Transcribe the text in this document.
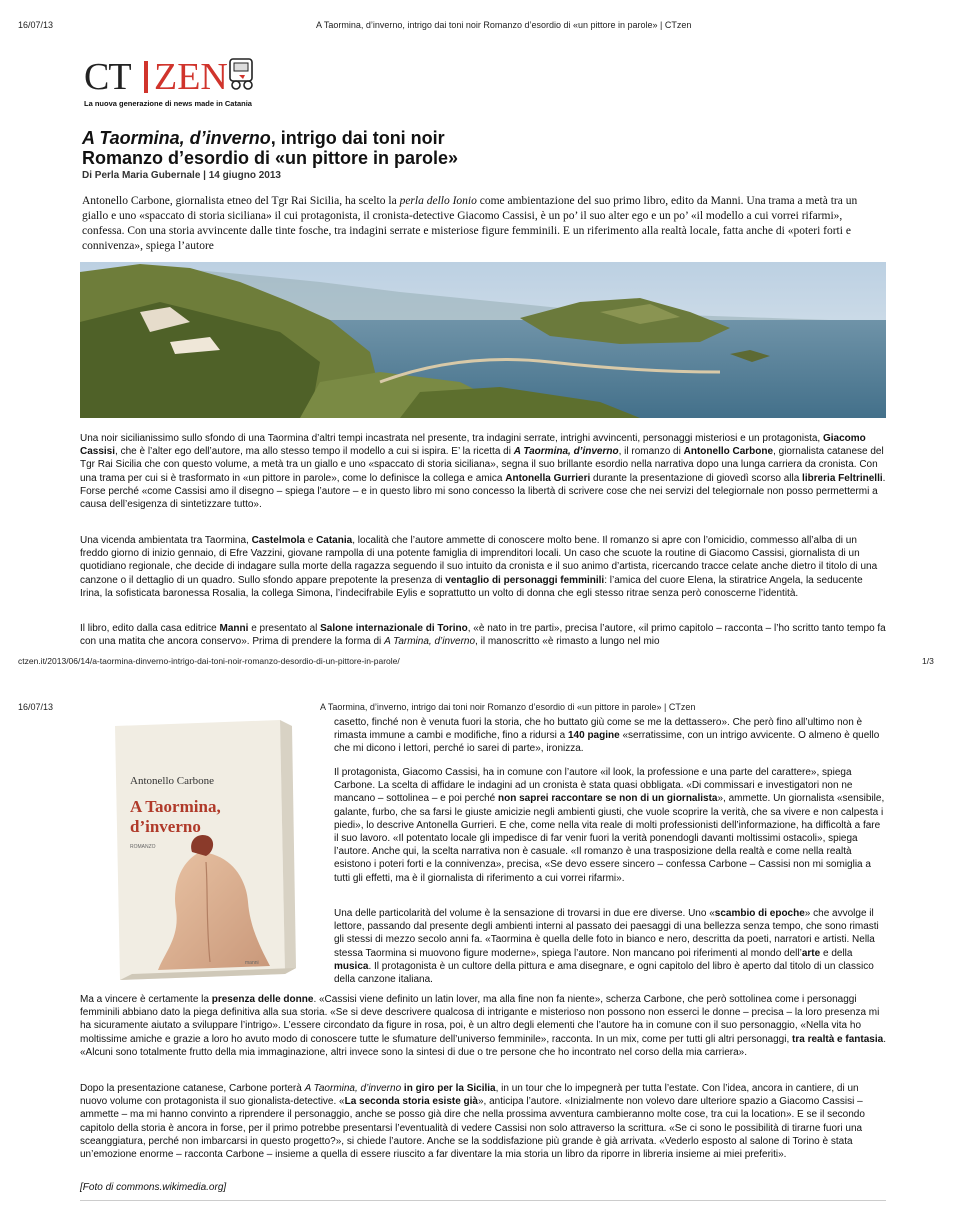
16/07/13	A Taormina, d’inverno, intrigo dai toni noir Romanzo d’esordio di «un pittore in parole» | CTzen
CT ZEN
La nuova generazione di news made in Catania
A Taormina, d’inverno, intrigo dai toni noir
Romanzo d’esordio di «un pittore in parole»
Di Perla Maria Gubernale | 14 giugno 2013

Antonello Carbone, giornalista etneo del Tgr Rai Sicilia, ha scelto la perla dello Ionio come ambientazione del suo primo libro, edito da Manni. Una trama a metà tra un giallo e uno «spaccato di storia siciliana» il cui protagonista, il cronista-detective Giacomo Cassisi, è un po’ il suo alter ego e un po’ «il modello a cui vorrei rifarmi», confessa. Con una storia avvincente dalle tinte fosche, tra indagini serrate e misteriose figure femminili. E un riferimento alla realtà locale, fatta anche di «poteri forti e connivenza», spiega l’autore

Una noir sicilianissimo sullo sfondo di una Taormina d’altri tempi incastrata nel presente, tra indagini serrate, intrighi avvincenti, personaggi misteriosi e un protagonista, Giacomo Cassisi, che è l’alter ego dell’autore, ma allo stesso tempo il modello a cui si ispira. E’ la ricetta di A Taormina, d’inverno, il romanzo di Antonello Carbone, giornalista catanese del Tgr Rai Sicilia che con questo volume, a metà tra un giallo e uno «spaccato di storia siciliana», segna il suo brillante esordio nella narrativa dopo una lunga carriera da cronista. Con una trama per cui si è trasformato in «un pittore in parole», come lo definisce la collega e amica Antonella Gurrieri durante la presentazione di giovedì scorso alla libreria Feltrinelli. Forse perché «come Cassisi amo il disegno – spiega l’autore – e in questo libro mi sono concesso la libertà di scrivere cose che nei servizi del telegiornale non posso permettermi a causa dell’esigenza di sintetizzare tutto».

Una vicenda ambientata tra Taormina, Castelmola e Catania, località che l’autore ammette di conoscere molto bene. Il romanzo si apre con l’omicidio, commesso all’alba di un freddo giorno di inizio gennaio, di Efre Vazzini, giovane rampolla di una potente famiglia di imprenditori locali. Un caso che scuote la routine di Giacomo Cassisi, giornalista di un quotidiano regionale, che decide di indagare sulla morte della ragazza seguendo il suo intuito da cronista e il suo animo d’artista, ricercando tracce celate anche dietro il titolo di una canzone o il dettaglio di un quadro. Sullo sfondo appare prepotente la presenza di ventaglio di personaggi femminili: l’amica del cuore Elena, la stiratrice Angela, la seducente Irina, la sofisticata baronessa Rosalia, la collega Simona, l’indecifrabile Eylis e soprattutto un volto di donna che egli stesso ritrae senza però conoscerne l’identità.

Il libro, edito dalla casa editrice Manni e presentato al Salone internazionale di Torino, «è nato in tre parti», precisa l’autore, «il primo capitolo – racconta – l’ho scritto tanto tempo fa con una matita che ancora conservo». Prima di prendere la forma di A Tarmina, d’inverno, il manoscritto «è rimasto a lungo nel mio

ctzen.it/2013/06/14/a-taormina-dinverno-intrigo-dai-toni-noir-romanzo-desordio-di-un-pittore-in-parole/	1/3
16/07/13	A Taormina, d’inverno, intrigo dai toni noir Romanzo d’esordio di «un pittore in parole» | CTzen
Antonello Carbone
A Taormina,
d’inverno
ROMANZO
manni

casetto, finché non è venuta fuori la storia, che ho buttato giù come se me la dettassero». Che però fino all’ultimo non è rimasta immune a cambi e modifiche, fino a ridursi a 140 pagine «serratissime, con un intrigo avvicente. O almeno è quello che mi dicono i lettori, perché io sarei di parte», ironizza.

Il protagonista, Giacomo Cassisi, ha in comune con l’autore «il look, la professione e una parte del carattere», spiega Carbone. La scelta di affidare le indagini ad un cronista è stata quasi obbligata. «Di commissari e investigatori non ne mancano – sottolinea – e poi perché non saprei raccontare se non di un giornalista», ammette. Un giornalista «sensibile, galante, furbo, che sa farsi le giuste amicizie negli ambienti giusti, che vuole scoprire la verità, che sa vivere e non calpesta i piedi», lo descrive Antonella Gurrieri. E che, come nella vita reale di molti professionisti dell’informazione, ha difficoltà a fare il suo lavoro. «Il potentato locale gli impedisce di far venir fuori la verità ponendogli davanti moltissimi ostacoli», spiega l’autore. Anche qui, la scelta narrativa non è casuale. «Il romanzo è una trasposizione della realtà e come nella realtà esistono i poteri forti e la connivenza», precisa, «Se devo essere sincero – confessa Carbone – Cassisi non mi somiglia a tutti gli effetti, ma è il giornalista di riferimento a cui vorrei rifarmi».

Una delle particolarità del volume è la sensazione di trovarsi in due ere diverse. Uno «scambio di epoche» che avvolge il lettore, passando dal presente degli ambienti interni al passato dei paesaggi di una bellezza senza tempo, che sono rimasti gli stessi di mezzo secolo anni fa. «Taormina è quella delle foto in bianco e nero, descritta da poeti, narratori e artisti. Nella stessa Taormina si muovono figure moderne», spiega l’autore. Non mancano poi riferimenti al mondo dell’arte e della musica. Il protagonista è un cultore della pittura e ama disegnare, e ogni capitolo del libro è aperto dal titolo di un classico della canzone italiana.

Ma a vincere è certamente la presenza delle donne. «Cassisi viene definito un latin lover, ma alla fine non fa niente», scherza Carbone, che però sottolinea come i personaggi femminili abbiano dato la piega definitiva alla sua storia. «Se si deve descrivere qualcosa di intrigante e misterioso non possono non esserci le donne – precisa – la loro presenza mi ha sicuramente aiutato a sviluppare l’intrigo». L’essere circondato da figure in rosa, poi, è un altro degli elementi che l’autore ha in comune con il suo personaggio, «Nella vita ho moltissime amiche e grazie a loro ho avuto modo di conoscere tutte le sfumature dell’universo femminile», racconta. In un mix, come per tutti gli altri personaggi, tra realtà e fantasia. «Alcuni sono totalmente frutto della mia immaginazione, altri invece sono la sintesi di due o tre persone che ho incontrato nel corso della mia carriera».

Dopo la presentazione catanese, Carbone porterà A Taormina, d’inverno in giro per la Sicilia, in un tour che lo impegnerà per tutta l’estate. Con l’idea, ancora in cantiere, di un nuovo volume con protagonista il suo gionalista-detective. «La seconda storia esiste già», anticipa l’autore. «Inizialmente non volevo dare ulteriore spazio a Giacomo Cassisi – ammette – ma mi hanno convinto a riprendere il personaggio, anche se posso già dire che nella prossima avventura cambieranno molte cose, tra cui la location». E se il secondo capitolo della storia è ancora in forse, per il primo potrebbe presentarsi l’eventualità di vedere Cassisi non solo attraverso la scrittura. «Se ci sono le possibilità di tirarne fuori una sceanggiatura, perché non imbarcarsi in questo progetto?», si chiede l’autore. Anche se la soddisfazione più grande è già arrivata. «Vederlo esposto al salone di Torino è stata un’emozione enorme – racconta Carbone – insieme a quella di essere riuscito a far diventare la mia storia un libro da riporre in libreria insieme ai miei preferiti».

[Foto di commons.wikimedia.org]
